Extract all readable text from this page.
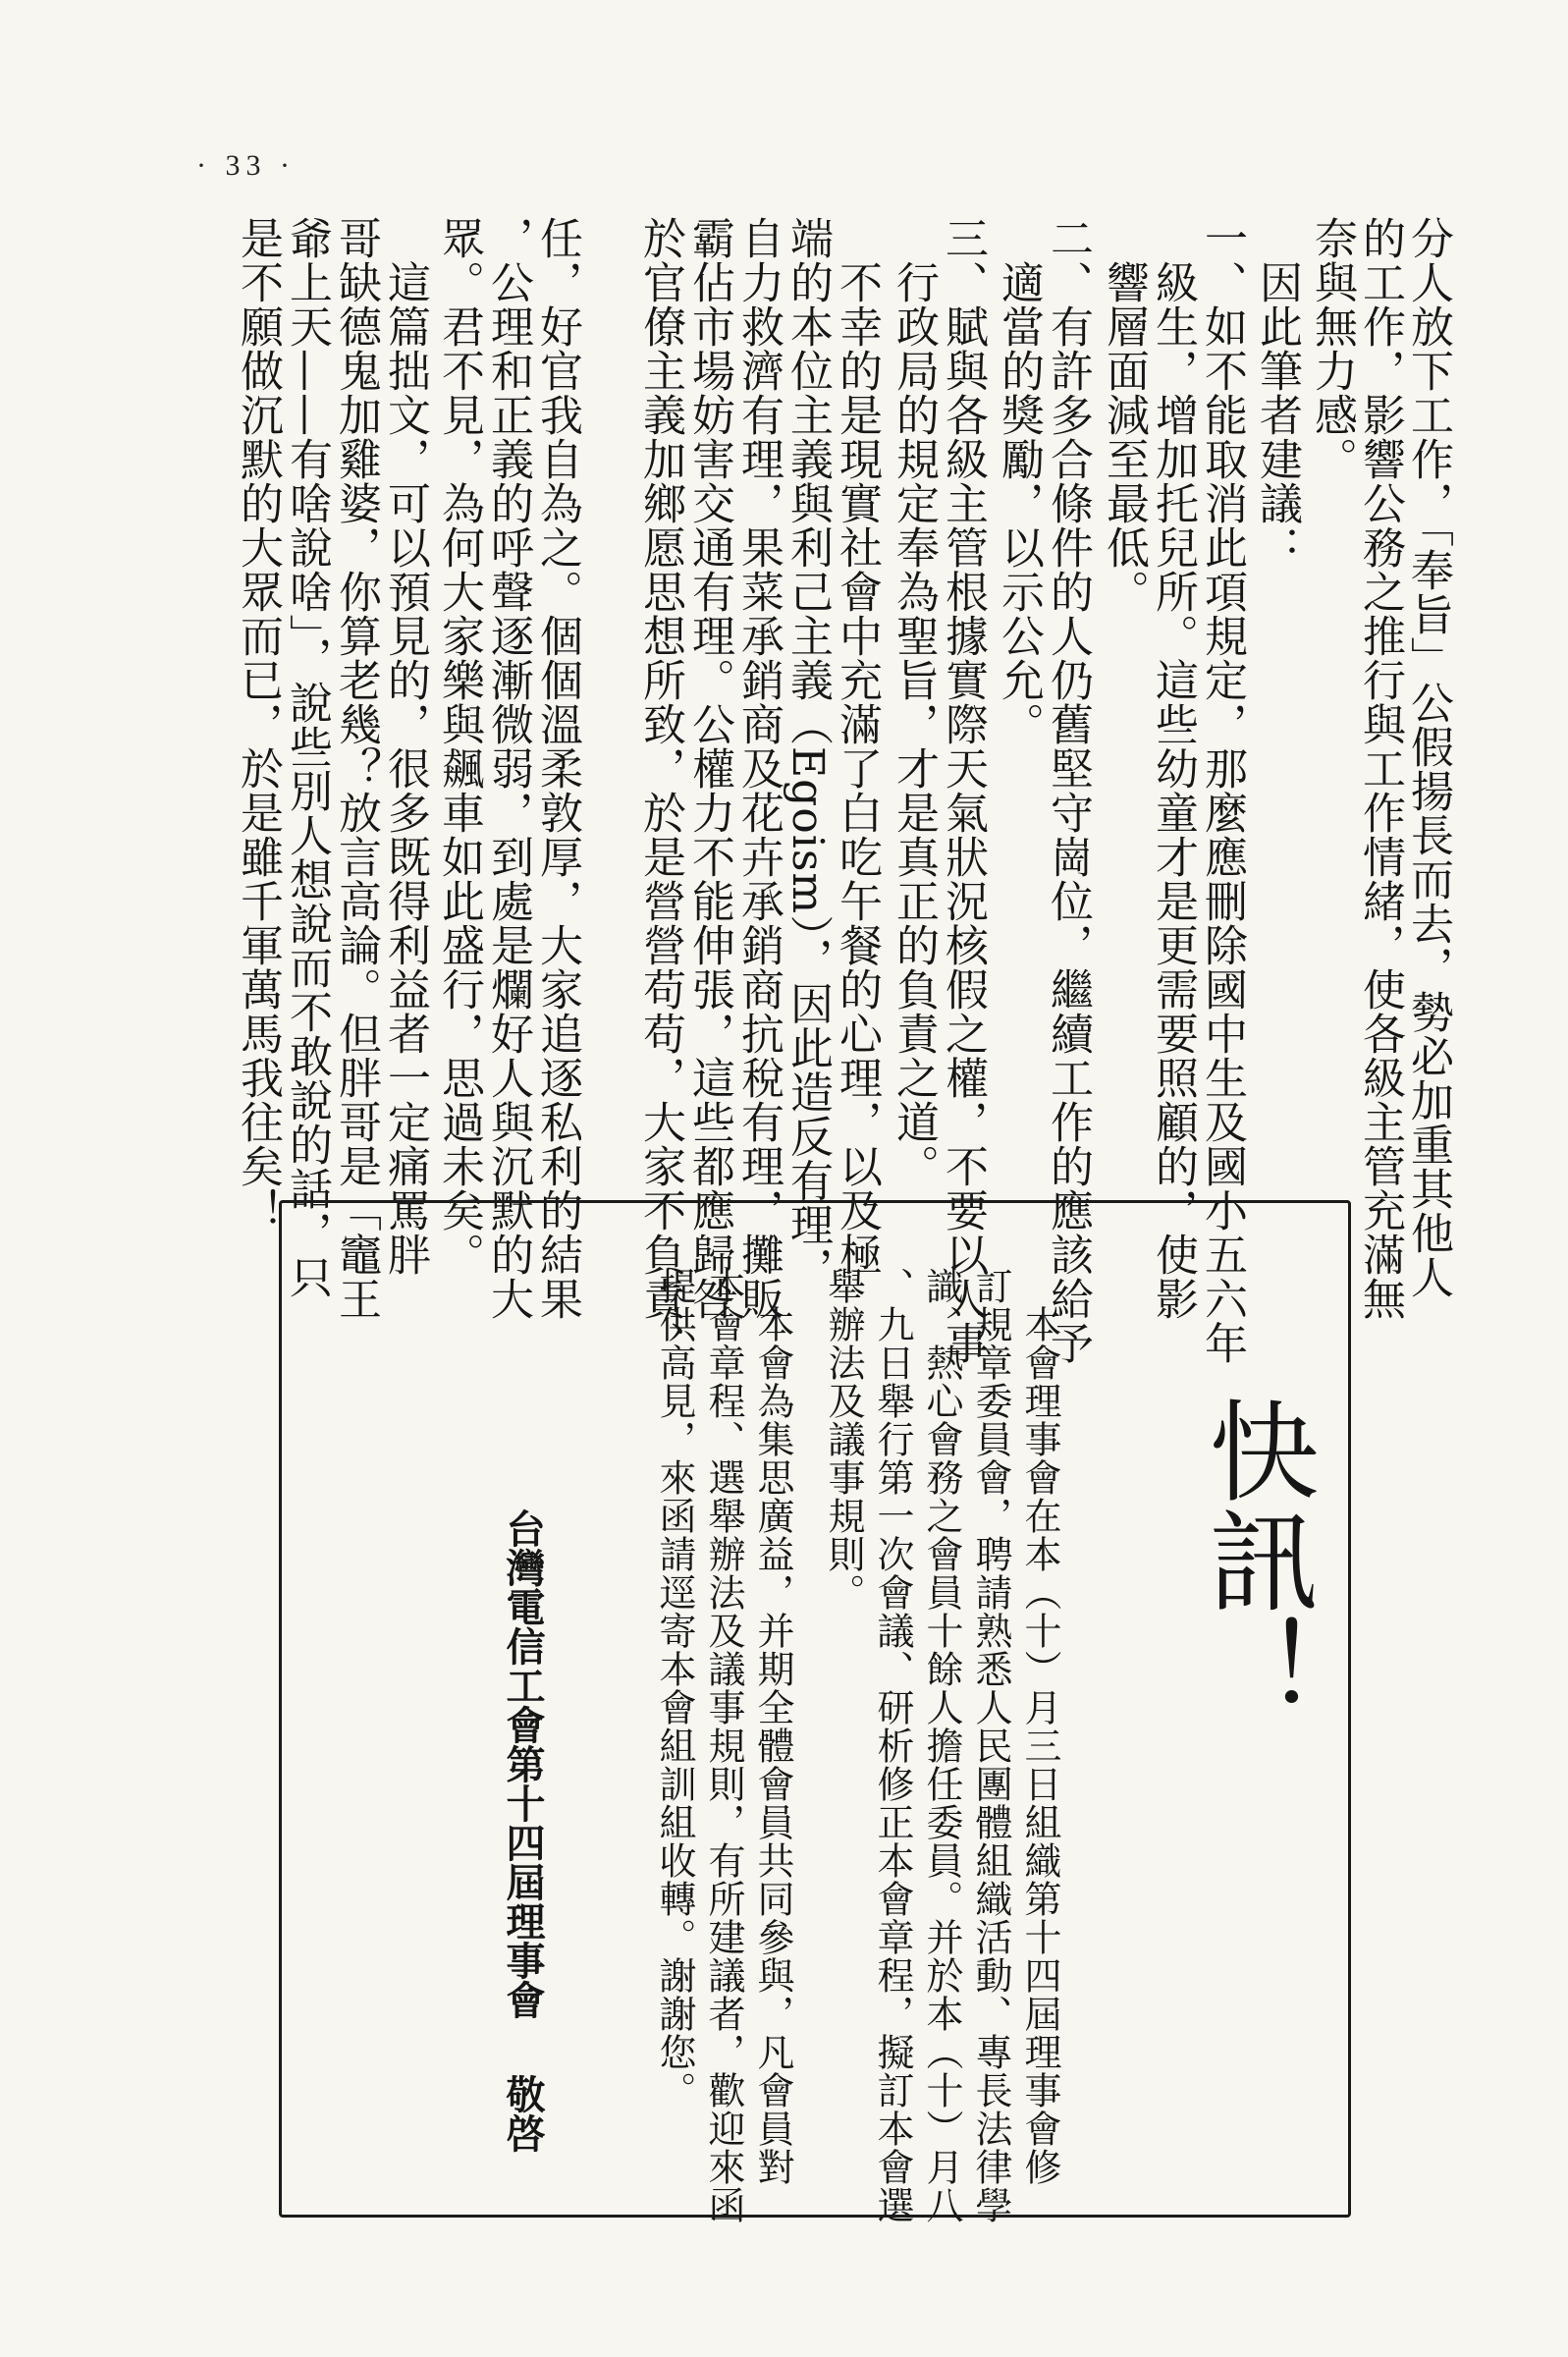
· 33 ·
分人放下工作，「奉旨」公假揚長而去，勢必加重其他人
的工作，影響公務之推行與工作情緒，使各級主管充滿無
奈與無力感。
　因此筆者建議：
一、如不能取消此項規定，那麼應刪除國中生及國小五六年
　級生，增加托兒所。這些幼童才是更需要照顧的，使影
　響層面減至最低。
二、有許多合條件的人仍舊堅守崗位，繼續工作的應該給予
　適當的獎勵，以示公允。
三、賦與各級主管根據實際天氣狀況核假之權，不要以人事
　行政局的規定奉為聖旨，才是真正的負責之道。
　不幸的是現實社會中充滿了白吃午餐的心理，以及極
端的本位主義與利己主義（Egoism），因此造反有理，
自力救濟有理，果菜承銷商及花卉承銷商抗稅有理，攤販
霸佔市場妨害交通有理。公權力不能伸張，這些都應歸咎
於官僚主義加鄉愿思想所致，於是營營苟苟，大家不負責、
任，好官我自為之。個個溫柔敦厚，大家追逐私利的結果
，公理和正義的呼聲逐漸微弱，到處是爛好人與沉默的大
眾。君不見，為何大家樂與飆車如此盛行，思過未矣。
　這篇拙文，可以預見的，很多既得利益者一定痛罵胖
哥缺德鬼加雞婆，你算老幾？放言高論。但胖哥是「竈王
爺上天——有啥說啥」，說些別人想說而不敢說的話，只
是不願做沉默的大眾而已，於是雖千軍萬馬我往矣！
快訊！
　本會理事會在本（十）月三日組織第十四屆理事會修
訂規章委員會，聘請熟悉人民團體組織活動、專長法律學
識、熱心會務之會員十餘人擔任委員。并於本（十）月八
、九日舉行第一次會議、研析修正本會章程，擬訂本會選
舉辦法及議事規則。
　本會為集思廣益，并期全體會員共同參與，凡會員對
本會章程、選舉辦法及議事規則，有所建議者，歡迎來函
提供高見，來函請逕寄本會組訓組收轉。謝謝您。
台灣電信工會第十四屆理事會敬啓
